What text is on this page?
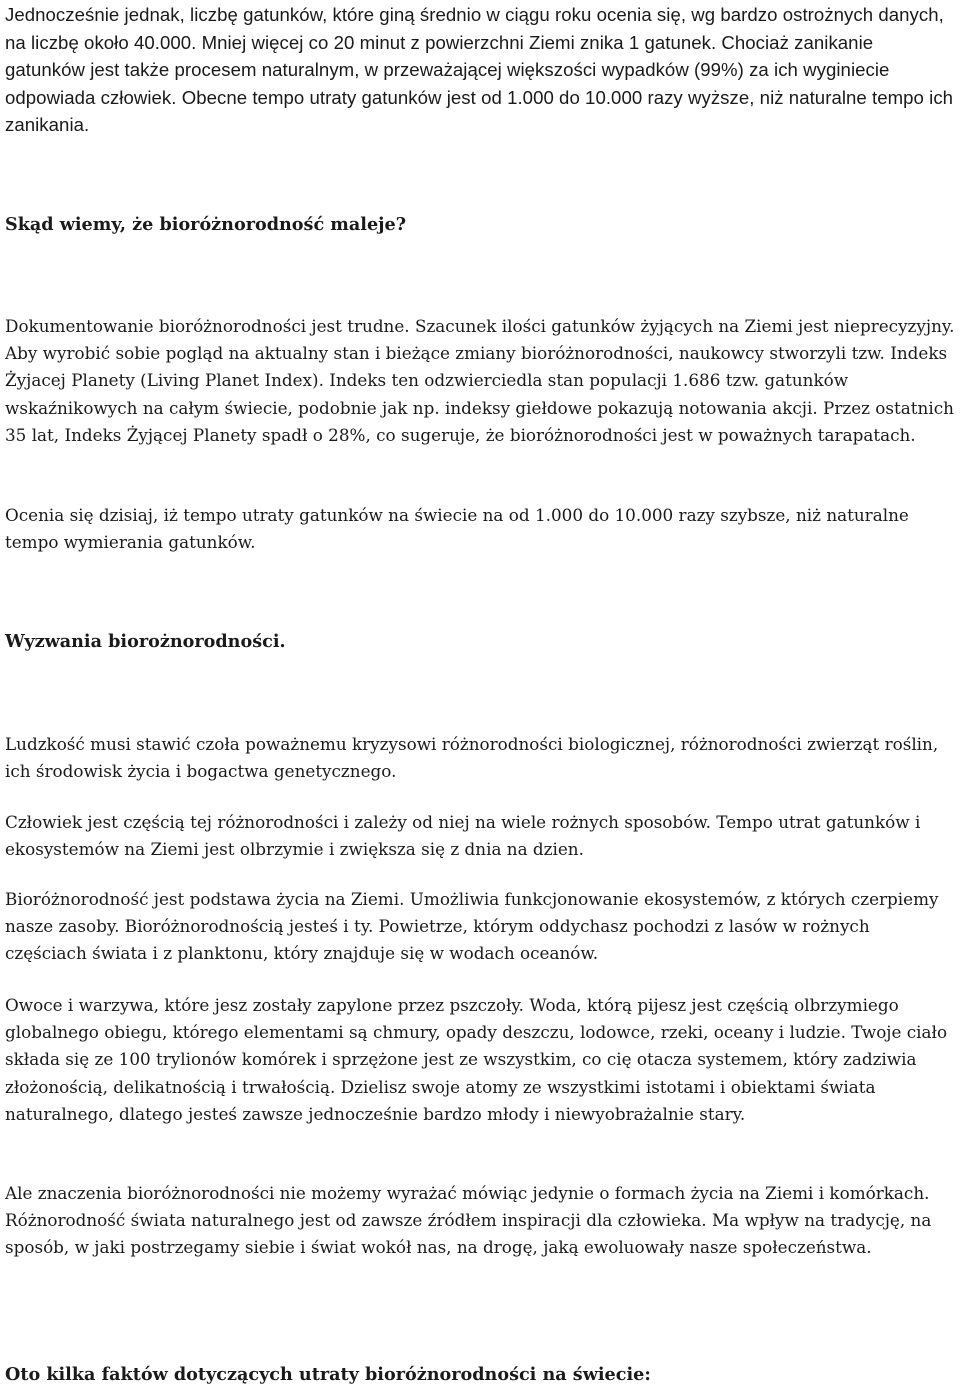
Jednocześnie jednak, liczbę gatunków, które giną średnio w ciągu roku ocenia się, wg bardzo ostrożnych danych, na liczbę około 40.000. Mniej więcej co 20 minut z powierzchni Ziemi znika 1 gatunek. Chociaż zanikanie gatunków jest także procesem naturalnym, w przeważającej większości wypadków (99%) za ich wyginiecie odpowiada człowiek. Obecne tempo utraty gatunków jest od 1.000 do 10.000 razy wyższe, niż naturalne tempo ich zanikania.

Skąd wiemy, że bioróżnorodność maleje?

Dokumentowanie bioróżnorodności jest trudne. Szacunek ilości gatunków żyjących na Ziemi jest nieprecyzyjny. Aby wyrobić sobie pogląd na aktualny stan i bieżące zmiany bioróżnorodności, naukowcy stworzyli tzw. Indeks Żyjacej Planety (Living Planet Index). Indeks ten odzwierciedla stan populacji 1.686 tzw. gatunków wskaźnikowych na całym świecie, podobnie jak np. indeksy giełdowe pokazują notowania akcji. Przez ostatnich 35 lat, Indeks Żyjącej Planety spadł o 28%, co sugeruje, że bioróżnorodności jest w poważnych tarapatach.

Ocenia się dzisiaj, iż tempo utraty gatunków na świecie na od 1.000 do 10.000 razy szybsze, niż naturalne tempo wymierania gatunków.

Wyzwania biorożnorodności.

Ludzkość musi stawić czoła poważnemu kryzysowi różnorodności biologicznej, różnorodności zwierząt roślin, ich środowisk życia i bogactwa genetycznego.

Człowiek jest częścią tej różnorodności i zależy od niej na wiele rożnych sposobów. Tempo utrat gatunków i ekosystemów na Ziemi jest olbrzymie i zwiększa się z dnia na dzien.

Bioróżnorodność jest podstawa życia na Ziemi. Umożliwia funkcjonowanie ekosystemów, z których czerpiemy nasze zasoby. Bioróżnorodnością jesteś i ty. Powietrze, którym oddychasz pochodzi z lasów w rożnych częściach świata i z planktonu, który znajduje się w wodach oceanów.

Owoce i warzywa, które jesz zostały zapylone przez pszczoły. Woda, którą pijesz jest częścią olbrzymiego globalnego obiegu, którego elementami są chmury, opady deszczu, lodowce, rzeki, oceany i ludzie. Twoje ciało składa się ze 100 trylionów komórek i sprzężone jest ze wszystkim, co cię otacza systemem, który zadziwia złożonością, delikatnością i trwałością. Dzielisz swoje atomy ze wszystkimi istotami i obiektami świata naturalnego, dlatego jesteś zawsze jednocześnie bardzo młody i niewyobrażalnie stary.

Ale znaczenia bioróżnorodności nie możemy wyrażać mówiąc jedynie o formach życia na Ziemi i komórkach. Różnorodność świata naturalnego jest od zawsze źródłem inspiracji dla człowieka. Ma wpływ na tradycję, na sposób, w jaki postrzegamy siebie i świat wokół nas, na drogę, jaką ewoluowały nasze społeczeństwa.

Oto kilka faktów dotyczących utraty bioróżnorodności na świecie:
